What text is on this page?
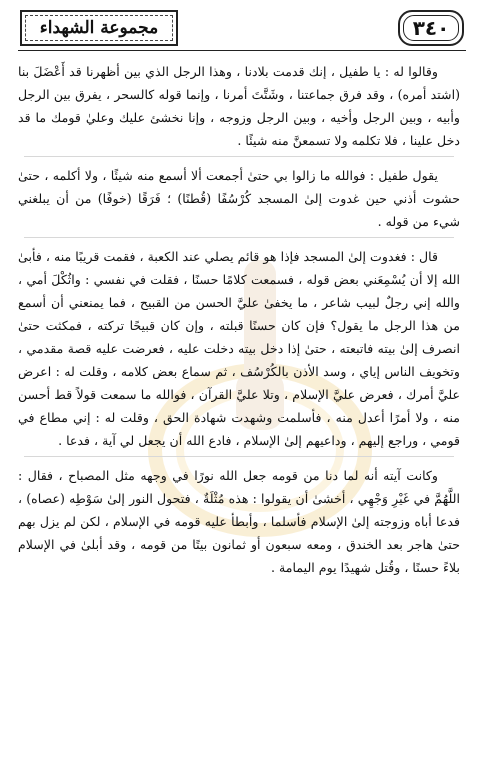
٣٤٠
مجموعة الشهداء

وقالوا له : يا طفيل ، إنك قدمت بلادنا ، وهذا الرجل الذي بين أظهرنا قد أَعْضَلَ بنا (اشتد أمره) ، وقد فرق جماعتنا ، وشَتَّتَ أمرنا ، وإنما قوله كالسحر ، يفرق بين الرجل وأبيه ، وبين الرجل وأخيه ، وبين الرجل وزوجه ، وإنا نخشئ عليك وعليٰ قومك ما قد دخل علينا ، فلا تكلمه ولا تسمعنَّ منه شيئًا .

يقول طفيل : فوالله ما زالوا بي حتىٰ أجمعت ألا أسمع منه شيئًا ، ولا أكلمه ، حتىٰ حشوت أذني حين غدوت إلىٰ المسجد كُرْسُفًا (قُطنًا) ؛ فَرَقًا (خوفًا) من أن يبلغني شيء من قوله .

قال : فغدوت إلىٰ المسجد فإذا هو قائم يصلي عند الكعبة ، فقمت قريبًا منه ، فأبىٰ الله إلا أن يُسْمِعَني بعض قوله ، فسمعت كلامًا حسنًا ، فقلت في نفسي : واثُكْلَ أمي ، والله إني رجلٌ لبيب شاعر ، ما يخفىٰ عليَّ الحسن من القبيح ، فما يمنعني أن أسمع من هذا الرجل ما يقول؟ فإن كان حسنًا قبلته ، وإن كان قبيحًا تركته ، فمكثت حتىٰ انصرف إلىٰ بيته فاتبعته ، حتىٰ إذا دخل بيته دخلت عليه ، فعرضت عليه قصة مقدمي ، وتخويف الناس إياي ، وسد الأذن بالكُرْسُف ، ثم سماع بعض كلامه ، وقلت له : اعرض عليَّ أمرك ، فعرض عليَّ الإسلام ، وتلا عليَّ القرآن ، فوالله ما سمعت قولاً قط أحسن منه ، ولا أمرًا أعدل منه ، فأسلمت وشهدت شهادة الحق ، وقلت له : إني مطاع في قومي ، وراجع إليهم ، وداعيهم إلىٰ الإسلام ، فادع الله أن يجعل لي آية ، فدعا .

وكانت آيته أنه لما دنا من قومه جعل الله نورًا في وجهه مثل المصباح ، فقال : اللَّهُمَّ في غَيْرِ وَجْهِي ، أخشىٰ أن يقولوا : هذه مُثْلَةٌ ، فتحول النور إلىٰ سَوْطِه (عصاه) ، فدعا أباه وزوجته إلىٰ الإسلام فأسلما ، وأبطأ عليه قومه في الإسلام ، لكن لم يزل بهم حتىٰ هاجر بعد الخندق ، ومعه سبعون أو ثمانون بيتًا من قومه ، وقد أبلىٰ في الإسلام بلاءً حسنًا ، وقُتل شهيدًا يوم اليمامة .
